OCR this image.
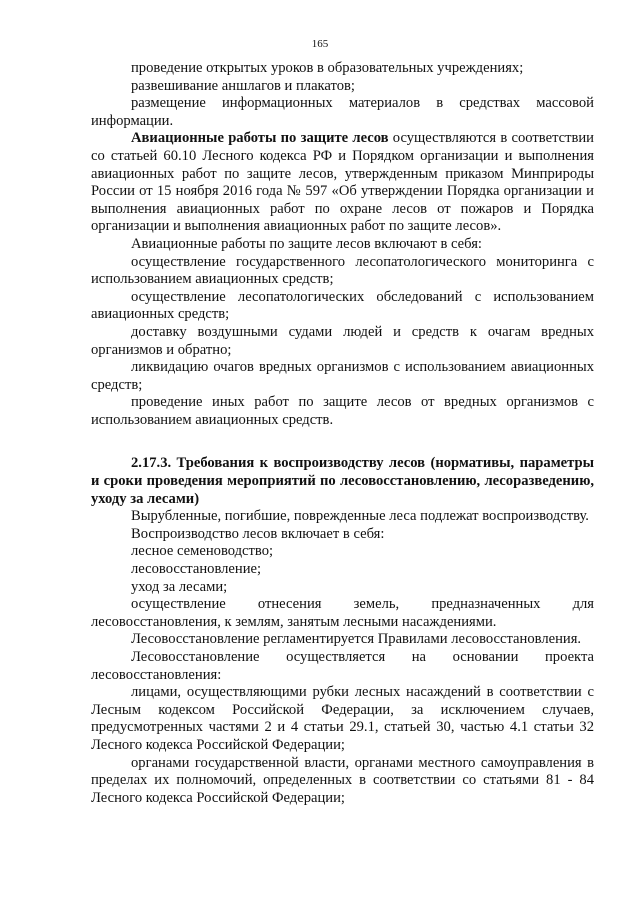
165

проведение открытых уроков в образовательных учреждениях;

развешивание аншлагов и плакатов;

размещение информационных материалов в средствах массовой информации.

Авиационные работы по защите лесов осуществляются в соответствии со статьей 60.10 Лесного кодекса РФ и Порядком организации и выполнения авиационных работ по защите лесов, утвержденным приказом Минприроды России от 15 ноября 2016 года № 597 «Об утверждении Порядка организации и выполнения авиационных работ по охране лесов от пожаров и Порядка организации и выполнения авиационных работ по защите лесов».

Авиационные работы по защите лесов включают в себя:

осуществление государственного лесопатологического мониторинга с использованием авиационных средств;

осуществление лесопатологических обследований с использованием авиационных средств;

доставку воздушными судами людей и средств к очагам вредных организмов и обратно;

ликвидацию очагов вредных организмов с использованием авиационных средств;

проведение иных работ по защите лесов от вредных организмов с использованием авиационных средств.

2.17.3. Требования к воспроизводству лесов (нормативы, параметры и сроки проведения мероприятий по лесовосстановлению, лесоразведению, уходу за лесами)

Вырубленные, погибшие, поврежденные леса подлежат воспроизводству.

Воспроизводство лесов включает в себя:

лесное семеноводство;

лесовосстановление;

уход за лесами;

осуществление отнесения земель, предназначенных для лесовосстановления, к землям, занятым лесными насаждениями.

Лесовосстановление регламентируется Правилами лесовосстановления.

Лесовосстановление осуществляется на основании проекта лесовосстановления:

лицами, осуществляющими рубки лесных насаждений в соответствии с Лесным кодексом Российской Федерации, за исключением случаев, предусмотренных частями 2 и 4 статьи 29.1, статьей 30, частью 4.1 статьи 32 Лесного кодекса Российской Федерации;

органами государственной власти, органами местного самоуправления в пределах их полномочий, определенных в соответствии со статьями 81 - 84 Лесного кодекса Российской Федерации;
